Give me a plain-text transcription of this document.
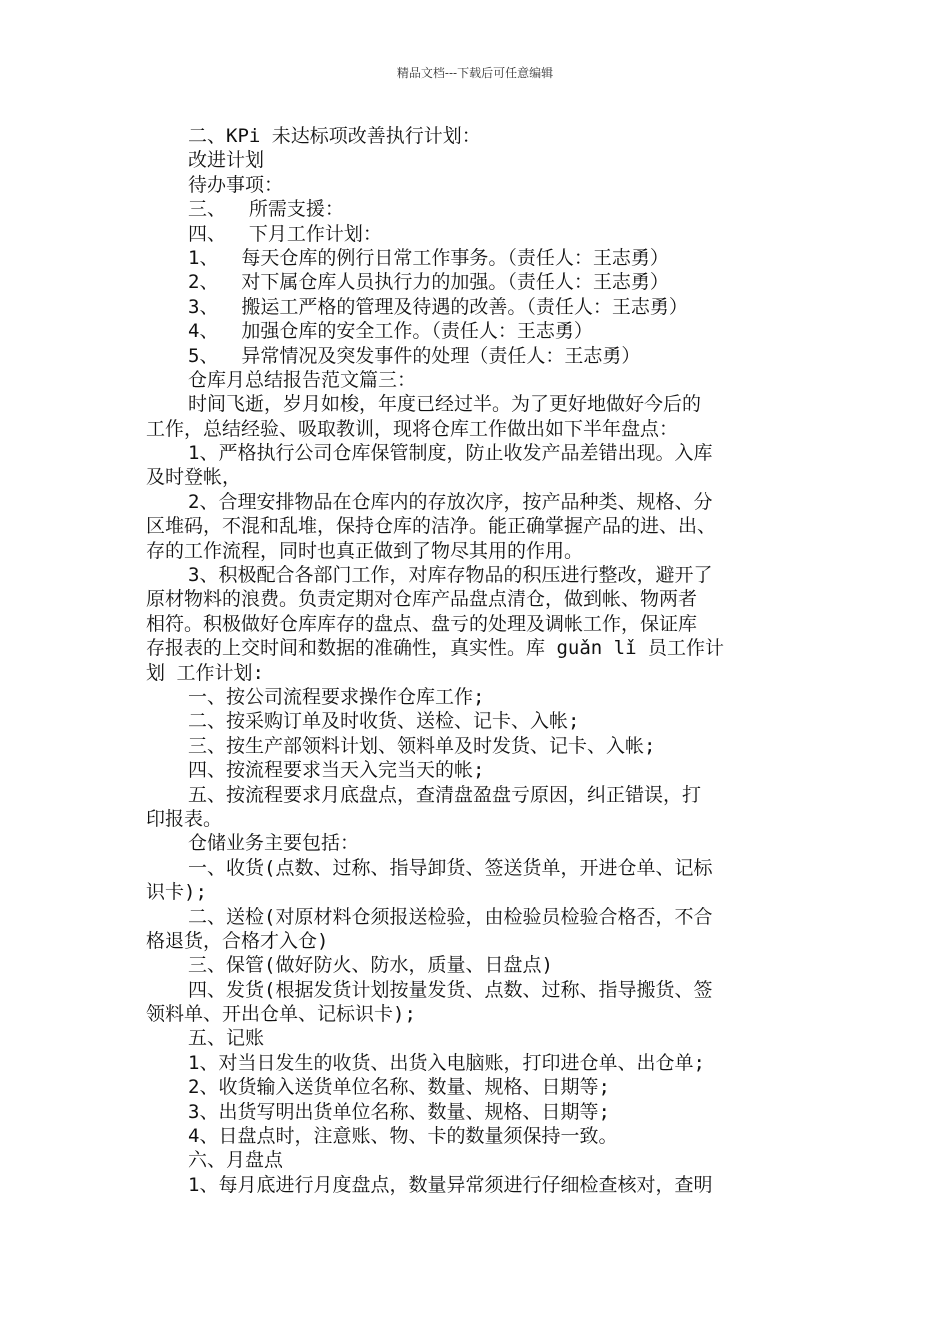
精品文档---下载后可任意编辑
二、KPi 未达标项改善执行计划：
改进计划
待办事项：
三、  所需支援：
四、  下月工作计划：
1、  每天仓库的例行日常工作事务。（责任人：王志勇）
2、  对下属仓库人员执行力的加强。（责任人：王志勇）
3、  搬运工严格的管理及待遇的改善。（责任人：王志勇）
4、  加强仓库的安全工作。（责任人：王志勇）
5、  异常情况及突发事件的处理（责任人：王志勇）
仓库月总结报告范文篇三：
时间飞逝，岁月如梭，年度已经过半。为了更好地做好今后的
工作，总结经验、吸取教训，现将仓库工作做出如下半年盘点：
1、严格执行公司仓库保管制度，防止收发产品差错出现。入库
及时登帐，
2、合理安排物品在仓库内的存放次序，按产品种类、规格、分
区堆码，不混和乱堆，保持仓库的洁净。能正确掌握产品的进、出、
存的工作流程，同时也真正做到了物尽其用的作用。
3、积极配合各部门工作，对库存物品的积压进行整改，避开了
原材物料的浪费。负责定期对仓库产品盘点清仓，做到帐、物两者
相符。积极做好仓库库存的盘点、盘亏的处理及调帐工作，保证库
存报表的上交时间和数据的准确性，真实性。库 guǎn lǐ 员工作计
划 工作计划:
一、按公司流程要求操作仓库工作;
二、按采购订单及时收货、送检、记卡、入帐;
三、按生产部领料计划、领料单及时发货、记卡、入帐;
四、按流程要求当天入完当天的帐;
五、按流程要求月底盘点，查清盘盈盘亏原因，纠正错误，打
印报表。
仓储业务主要包括：
一、收货(点数、过称、指导卸货、签送货单，开进仓单、记标
识卡);
二、送检(对原材料仓须报送检验，由检验员检验合格否，不合
格退货，合格才入仓)
三、保管(做好防火、防水，质量、日盘点)
四、发货(根据发货计划按量发货、点数、过称、指导搬货、签
领料单、开出仓单、记标识卡);
五、记账
1、对当日发生的收货、出货入电脑账，打印进仓单、出仓单;
2、收货输入送货单位名称、数量、规格、日期等;
3、出货写明出货单位名称、数量、规格、日期等;
4、日盘点时，注意账、物、卡的数量须保持一致。
六、月盘点
1、每月底进行月度盘点，数量异常须进行仔细检查核对，查明
